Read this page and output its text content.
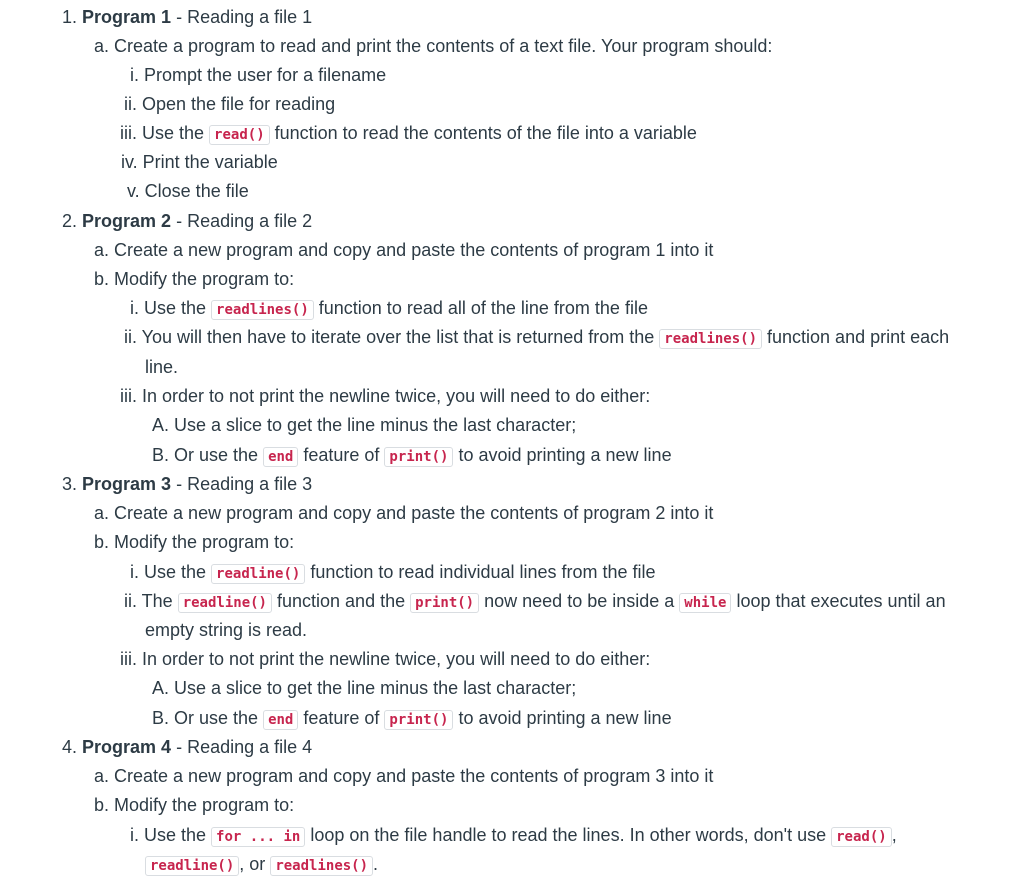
1. Program 1 - Reading a file 1
a. Create a program to read and print the contents of a text file. Your program should:
i. Prompt the user for a filename
ii. Open the file for reading
iii. Use the read() function to read the contents of the file into a variable
iv. Print the variable
v. Close the file
2. Program 2 - Reading a file 2
a. Create a new program and copy and paste the contents of program 1 into it
b. Modify the program to:
i. Use the readlines() function to read all of the line from the file
ii. You will then have to iterate over the list that is returned from the readlines() function and print each
line.
iii. In order to not print the newline twice, you will need to do either:
A. Use a slice to get the line minus the last character;
B. Or use the end feature of print() to avoid printing a new line
3. Program 3 - Reading a file 3
a. Create a new program and copy and paste the contents of program 2 into it
b. Modify the program to:
i. Use the readline() function to read individual lines from the file
ii. The readline() function and the print() now need to be inside a while loop that executes until an
empty string is read.
iii. In order to not print the newline twice, you will need to do either:
A. Use a slice to get the line minus the last character;
B. Or use the end feature of print() to avoid printing a new line
4. Program 4 - Reading a file 4
a. Create a new program and copy and paste the contents of program 3 into it
b. Modify the program to:
i. Use the for ... in loop on the file handle to read the lines. In other words, don't use read() ,
readline() , or readlines() .
